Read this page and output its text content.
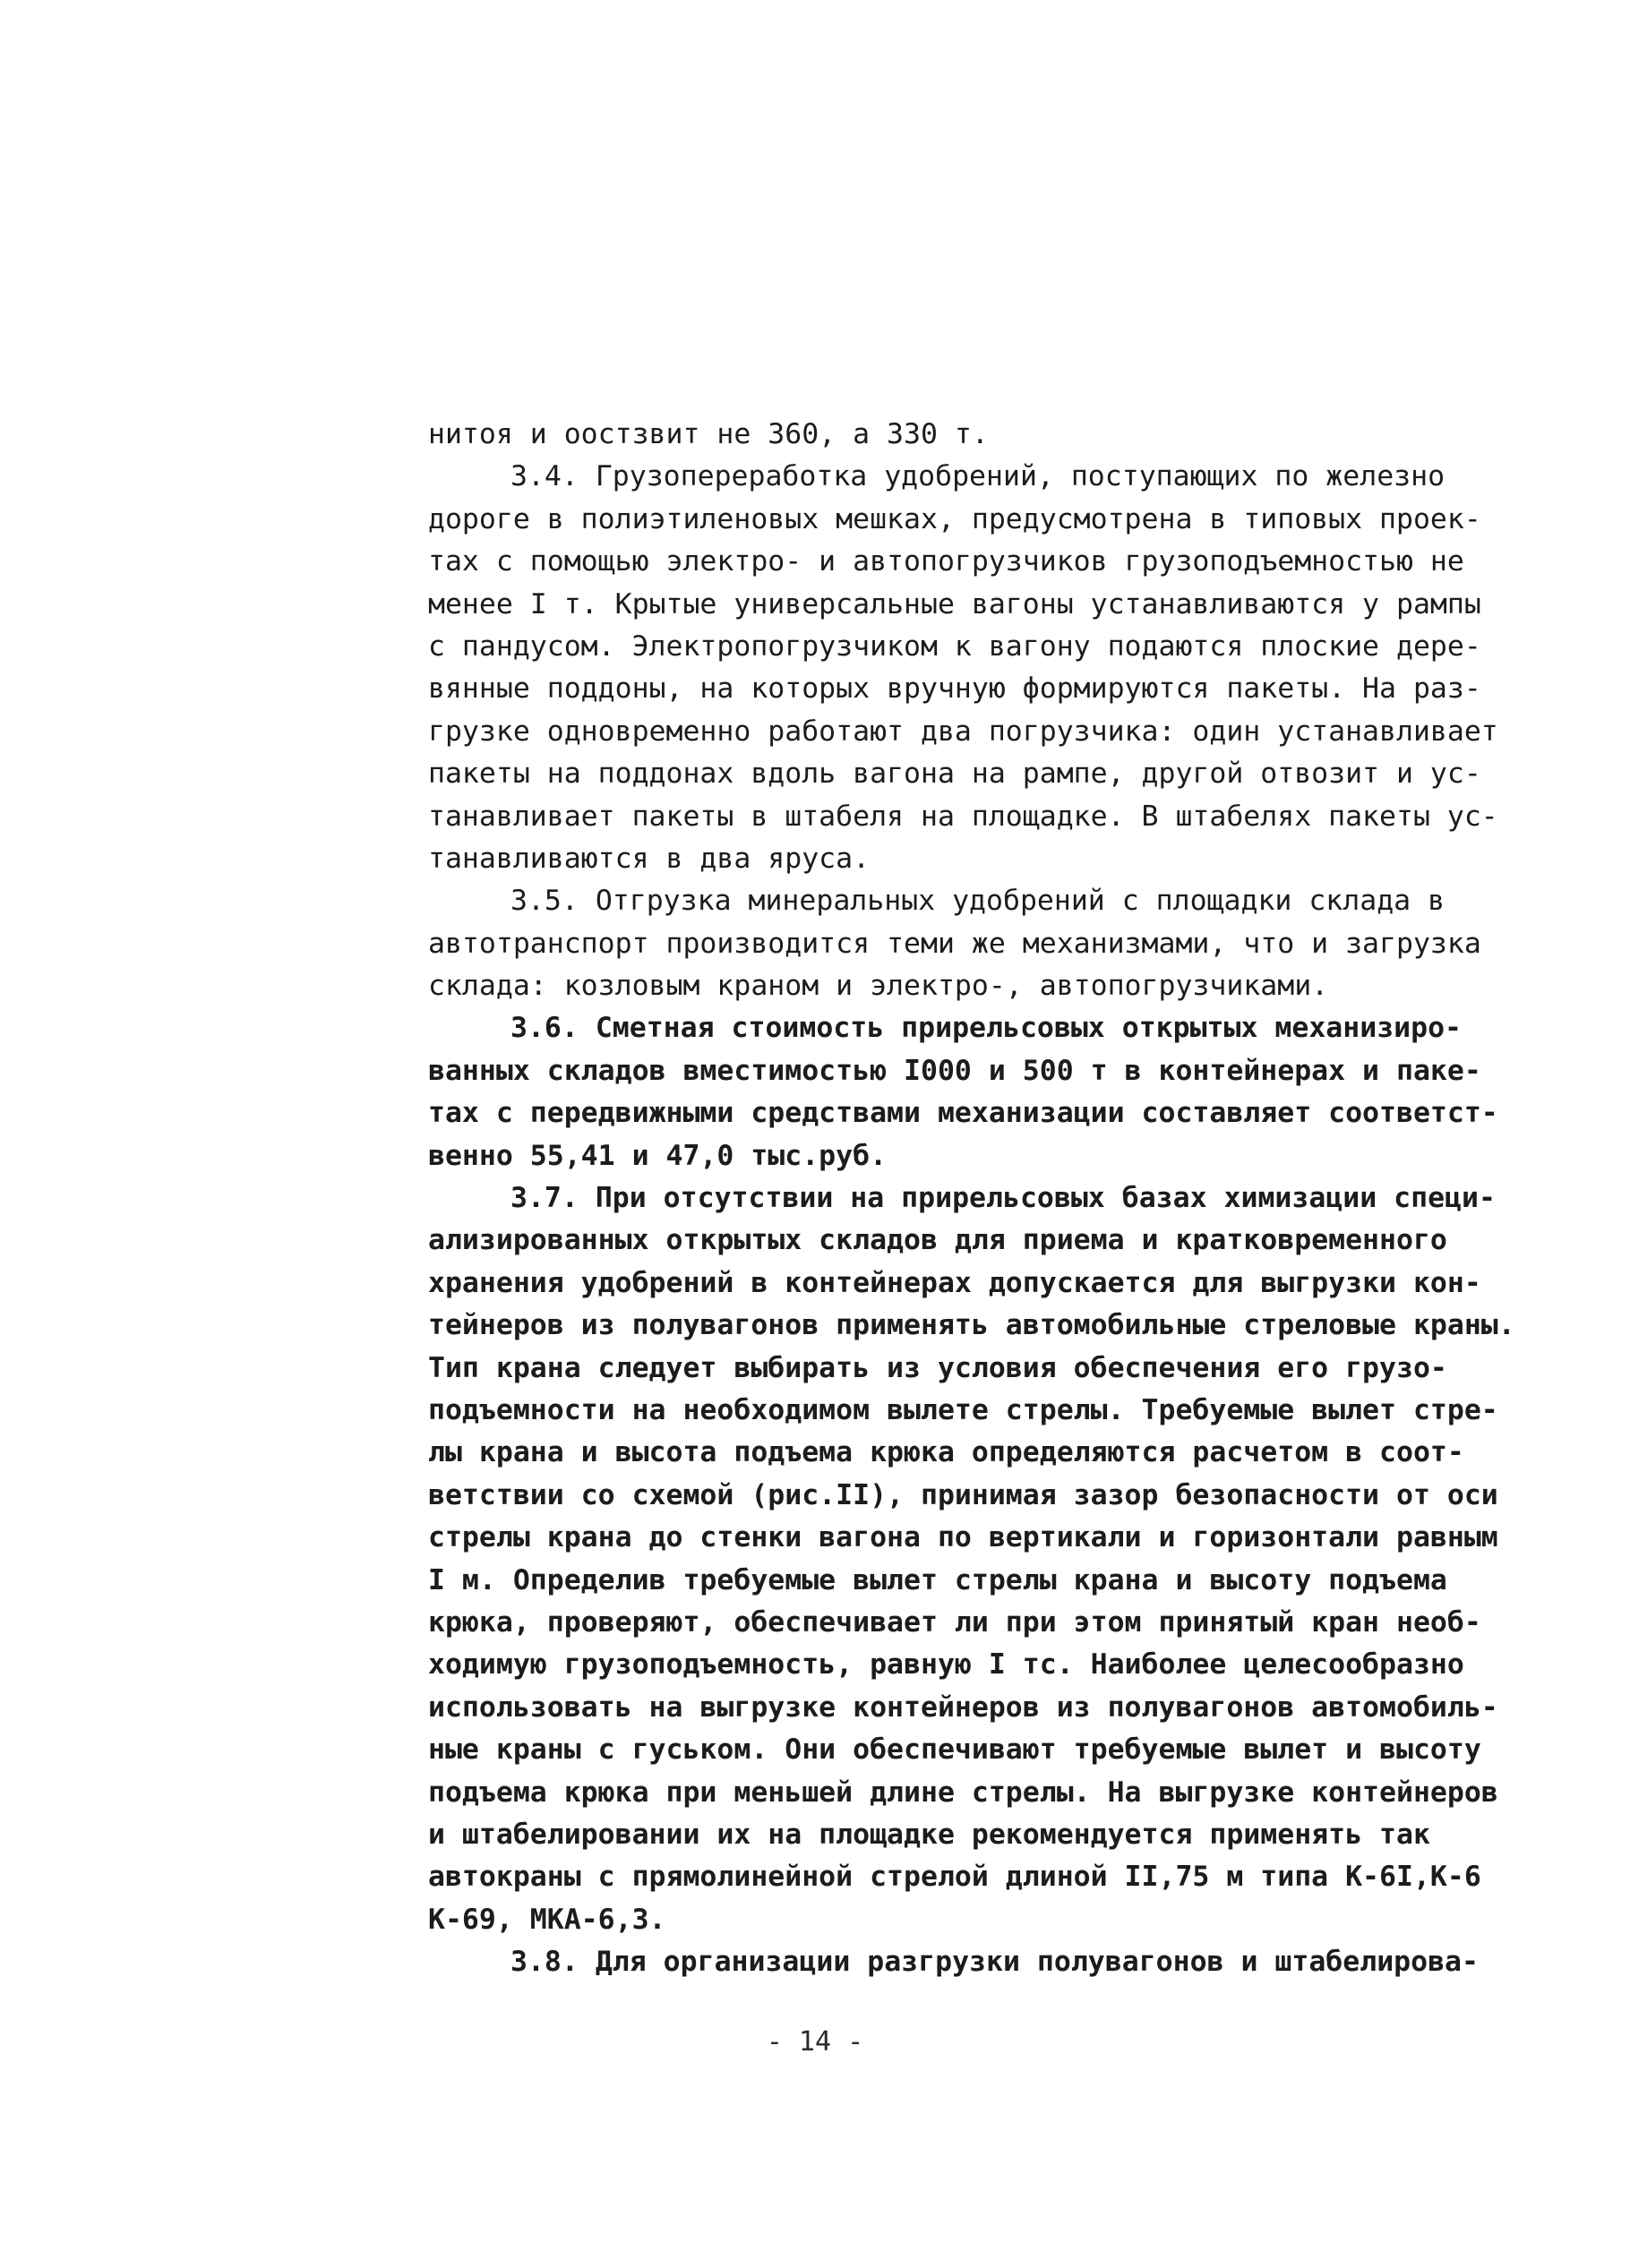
нитоя и оостзвит не 360, а 330 т.
3.4. Грузопереработка удобрений, поступающих по железно
дороге в полиэтиленовых мешках, предусмотрена в типовых проек-
тах с помощью электро- и автопогрузчиков грузоподъемностью не
менее I т. Крытые универсальные вагоны устанавливаются у рампы
с пандусом. Электропогрузчиком к вагону подаются плоские дере-
вянные поддоны, на которых вручную формируются пакеты. На раз-
грузке одновременно работают два погрузчика: один устанавливает
пакеты на поддонах вдоль вагона на рампе, другой отвозит и ус-
танавливает пакеты в штабеля на площадке. В штабелях пакеты ус-
танавливаются в два яруса.
3.5. Отгрузка минеральных удобрений с площадки склада в
автотранспорт производится теми же механизмами, что и загрузка
склада: козловым краном и электро-, автопогрузчиками.
3.6. Сметная стоимость прирельсовых открытых механизиро-
ванных складов вместимостью I000 и 500 т в контейнерах и паке-
тах с передвижными средствами механизации составляет соответст-
венно 55,41 и 47,0 тыс.руб.
3.7. При отсутствии на прирельсовых базах химизации специ-
ализированных открытых складов для приема и кратковременного
хранения удобрений в контейнерах допускается для выгрузки кон-
тейнеров из полувагонов применять автомобильные стреловые краны.
Тип крана следует выбирать из условия обеспечения его грузо-
подъемности на необходимом вылете стрелы. Требуемые вылет стре-
лы крана и высота подъема крюка определяются расчетом в соот-
ветствии со схемой (рис.II), принимая зазор безопасности от оси
стрелы крана до стенки вагона по вертикали и горизонтали равным
I м. Определив требуемые вылет стрелы крана и высоту подъема
крюка, проверяют, обеспечивает ли при этом принятый кран необ-
ходимую грузоподъемность, равную I тс. Наиболее целесообразно
использовать на выгрузке контейнеров из полувагонов автомобиль-
ные краны с гуськом. Они обеспечивают требуемые вылет и высоту
подъема крюка при меньшей длине стрелы. На выгрузке контейнеров
и штабелировании их на площадке рекомендуется применять так
автокраны с прямолинейной стрелой длиной II,75 м типа К-6I,К-6
К-69, МКА-6,3.
3.8. Для организации разгрузки полувагонов и штабелирова-
- 14 -
